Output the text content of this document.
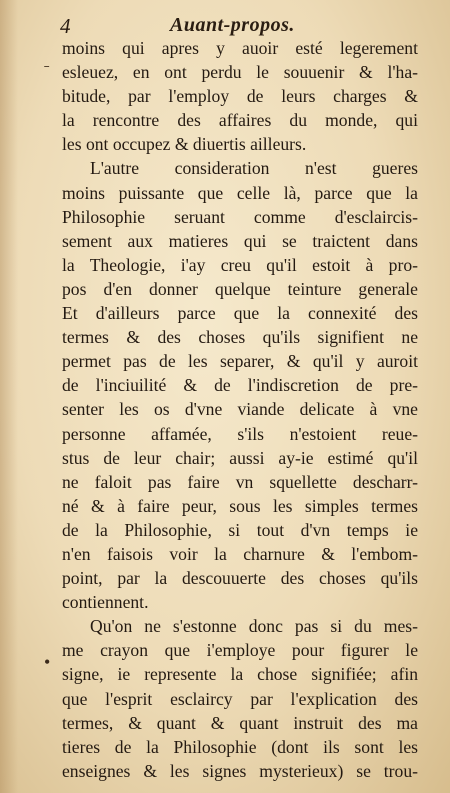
4	Auant-propos.
ˍ
•
moins qui apres y auoir esté legerement
esleuez, en ont perdu le souuenir & l'ha-
bitude, par l'employ de leurs charges &
la rencontre des affaires du monde, qui
les ont occupez & diuertis ailleurs.
L'autre consideration n'est gueres
moins puissante que celle là, parce que la
Philosophie seruant comme d'esclaircis-
sement aux matieres qui se traictent dans
la Theologie, i'ay creu qu'il estoit à pro-
pos d'en donner quelque teinture generale
Et d'ailleurs parce que la connexité des
termes & des choses qu'ils signifient ne
permet pas de les separer, & qu'il y auroit
de l'inciuilité & de l'indiscretion de pre-
senter les os d'vne viande delicate à vne
personne affamée, s'ils n'estoient reue-
stus de leur chair; aussi ay-ie estimé qu'il
ne faloit pas faire vn squellette descharr-
né & à faire peur, sous les simples termes
de la Philosophie, si tout d'vn temps ie
n'en faisois voir la charnure & l'embom-
point, par la descouuerte des choses qu'ils
contiennent.
Qu'on ne s'estonne donc pas si du mes-
me crayon que i'employe pour figurer le
signe, ie represente la chose signifiée; afin
que l'esprit esclaircy par l'explication des
termes, & quant & quant instruit des ma
tieres de la Philosophie (dont ils sont les
enseignes & les signes mysterieux) se trou-
